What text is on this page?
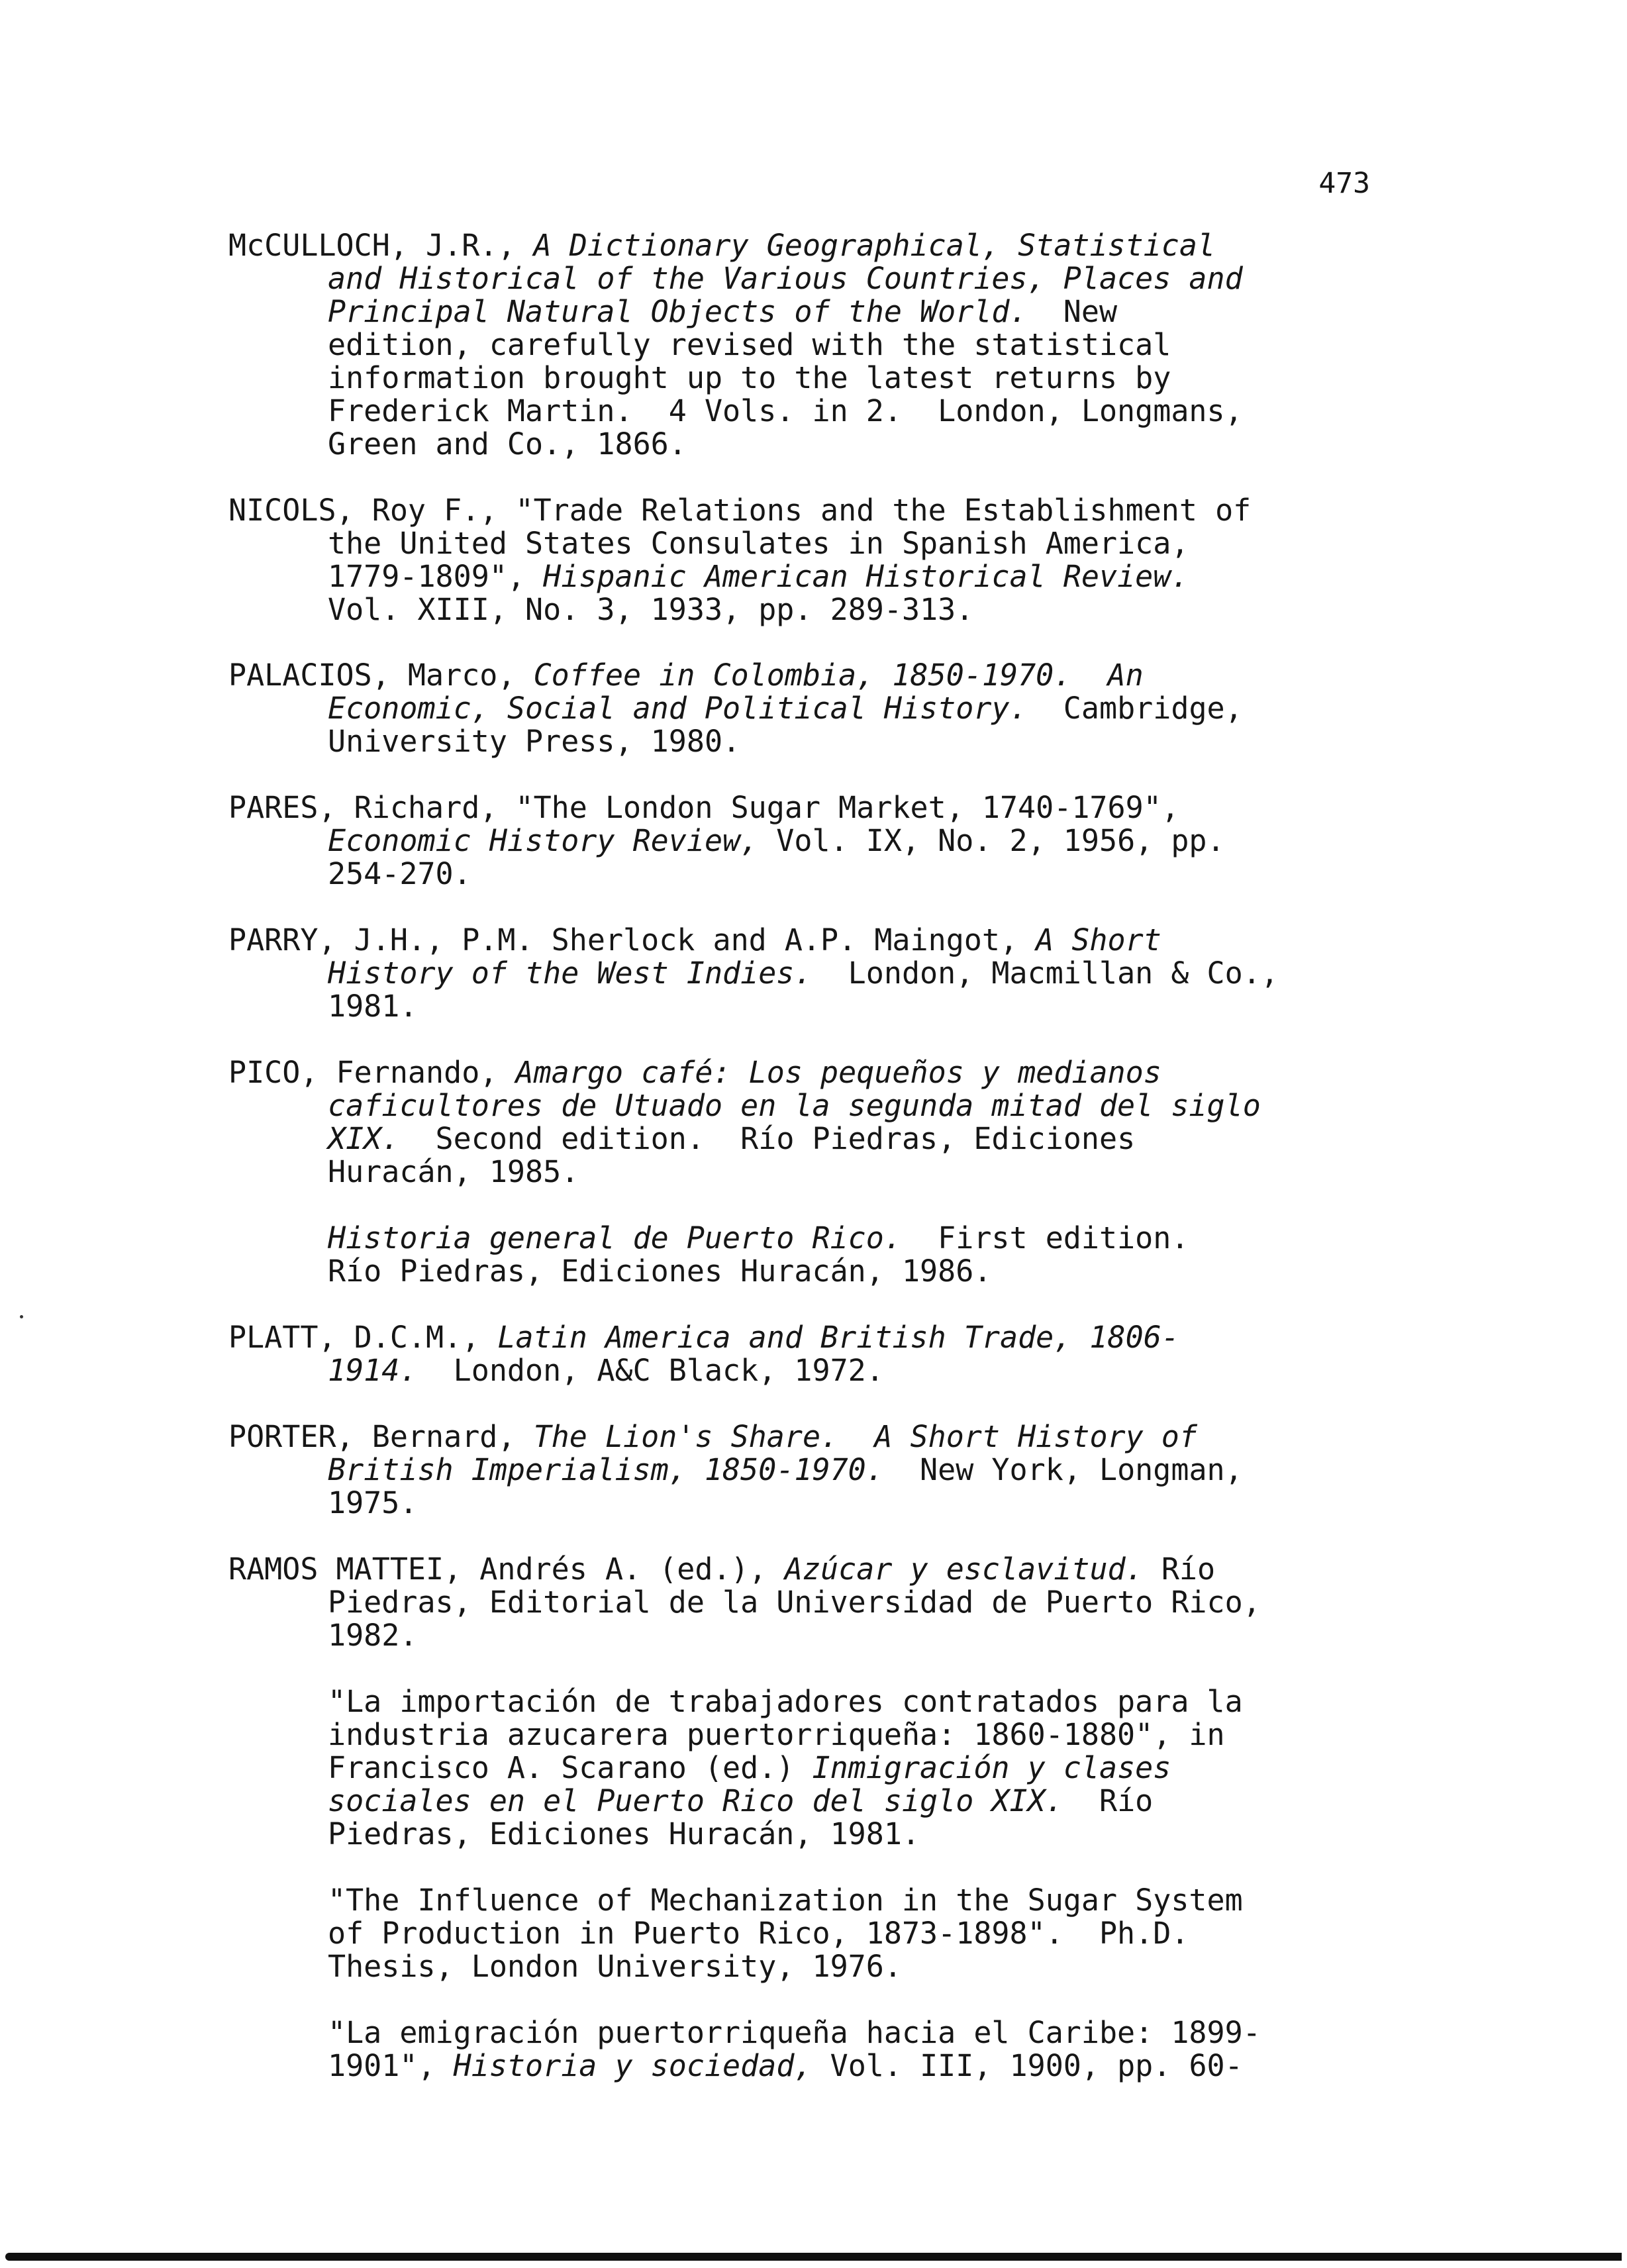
473
McCULLOCH, J.R., A Dictionary Geographical, Statistical
and Historical of the Various Countries, Places and
Principal Natural Objects of the World.  New
edition, carefully revised with the statistical
information brought up to the latest returns by
Frederick Martin.  4 Vols. in 2.  London, Longmans,
Green and Co., 1866.
NICOLS, Roy F., "Trade Relations and the Establishment of
the United States Consulates in Spanish America,
1779-1809", Hispanic American Historical Review.
Vol. XIII, No. 3, 1933, pp. 289-313.
PALACIOS, Marco, Coffee in Colombia, 1850-1970.  An
Economic, Social and Political History.  Cambridge,
University Press, 1980.
PARES, Richard, "The London Sugar Market, 1740-1769",
Economic History Review, Vol. IX, No. 2, 1956, pp.
254-270.
PARRY, J.H., P.M. Sherlock and A.P. Maingot, A Short
History of the West Indies.  London, Macmillan & Co.,
1981.
PICO, Fernando, Amargo café: Los pequeños y medianos
caficultores de Utuado en la segunda mitad del siglo
XIX.  Second edition.  Río Piedras, Ediciones
Huracán, 1985.
Historia general de Puerto Rico.  First edition.
Río Piedras, Ediciones Huracán, 1986.
PLATT, D.C.M., Latin America and British Trade, 1806-
1914.  London, A&C Black, 1972.
PORTER, Bernard, The Lion's Share.  A Short History of
British Imperialism, 1850-1970.  New York, Longman,
1975.
RAMOS MATTEI, Andrés A. (ed.), Azúcar y esclavitud. Río
Piedras, Editorial de la Universidad de Puerto Rico,
1982.
"La importación de trabajadores contratados para la
industria azucarera puertorriqueña: 1860-1880", in
Francisco A. Scarano (ed.) Inmigración y clases
sociales en el Puerto Rico del siglo XIX.  Río
Piedras, Ediciones Huracán, 1981.
"The Influence of Mechanization in the Sugar System
of Production in Puerto Rico, 1873-1898".  Ph.D.
Thesis, London University, 1976.
"La emigración puertorriqueña hacia el Caribe: 1899-
1901", Historia y sociedad, Vol. III, 1900, pp. 60-
